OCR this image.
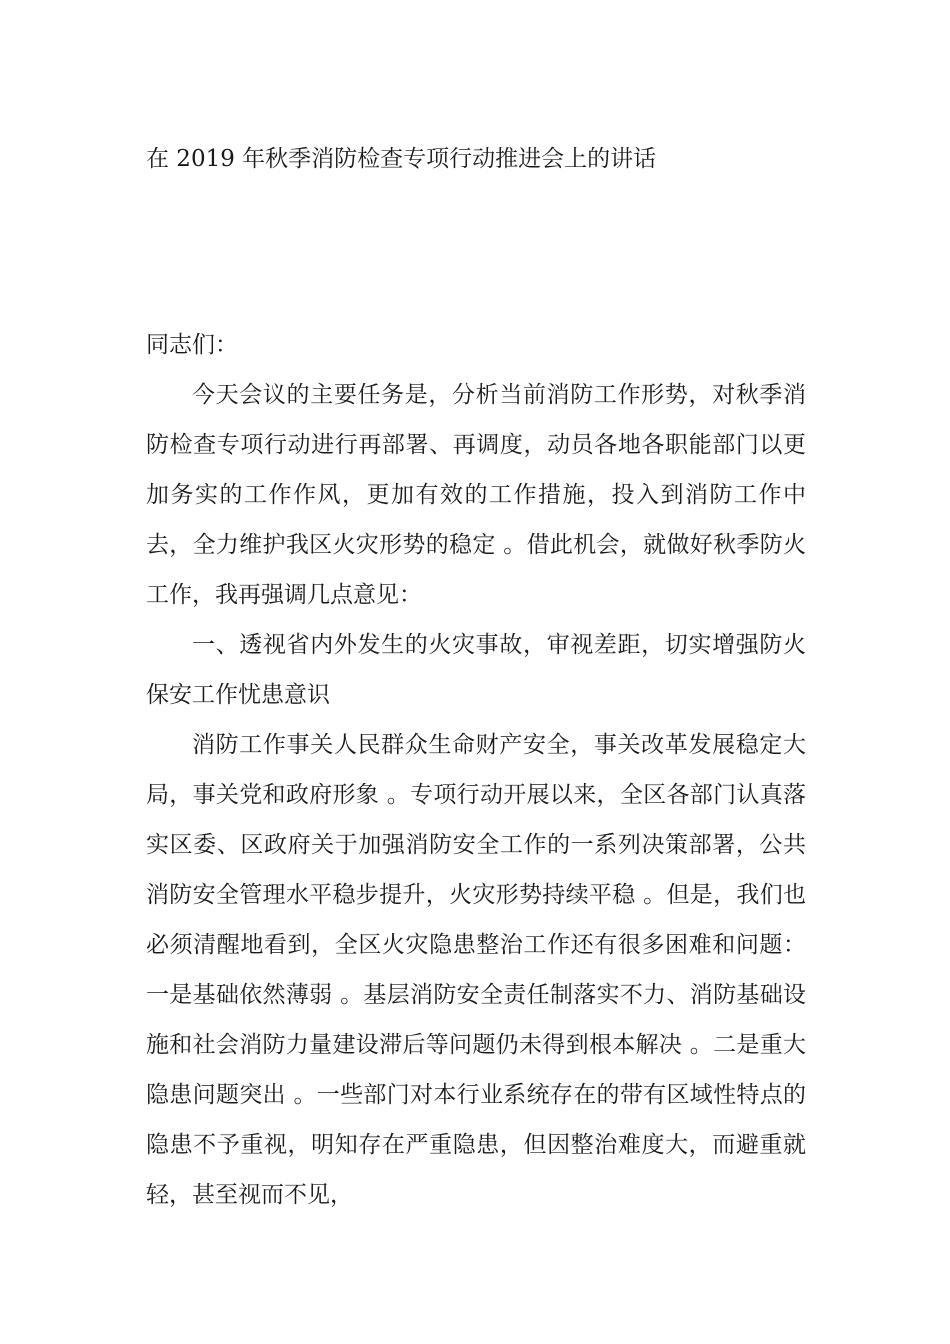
在 2019 年秋季消防检查专项行动推进会上的讲话

同志们：

今天会议的主要任务是，分析当前消防工作形势，对秋季消防检查专项行动进行再部署、再调度，动员各地各职能部门以更加务实的工作作风，更加有效的工作措施，投入到消防工作中去，全力维护我区火灾形势的稳定 。借此机会，就做好秋季防火工作，我再强调几点意见：

一、透视省内外发生的火灾事故，审视差距，切实增强防火保安工作忧患意识

消防工作事关人民群众生命财产安全，事关改革发展稳定大局，事关党和政府形象 。专项行动开展以来，全区各部门认真落实区委、区政府关于加强消防安全工作的一系列决策部署，公共消防安全管理水平稳步提升，火灾形势持续平稳 。但是，我们也必须清醒地看到，全区火灾隐患整治工作还有很多困难和问题：一是基础依然薄弱 。基层消防安全责任制落实不力、消防基础设施和社会消防力量建设滞后等问题仍未得到根本解决 。二是重大隐患问题突出 。一些部门对本行业系统存在的带有区域性特点的隐患不予重视，明知存在严重隐患，但因整治难度大，而避重就轻，甚至视而不见，
